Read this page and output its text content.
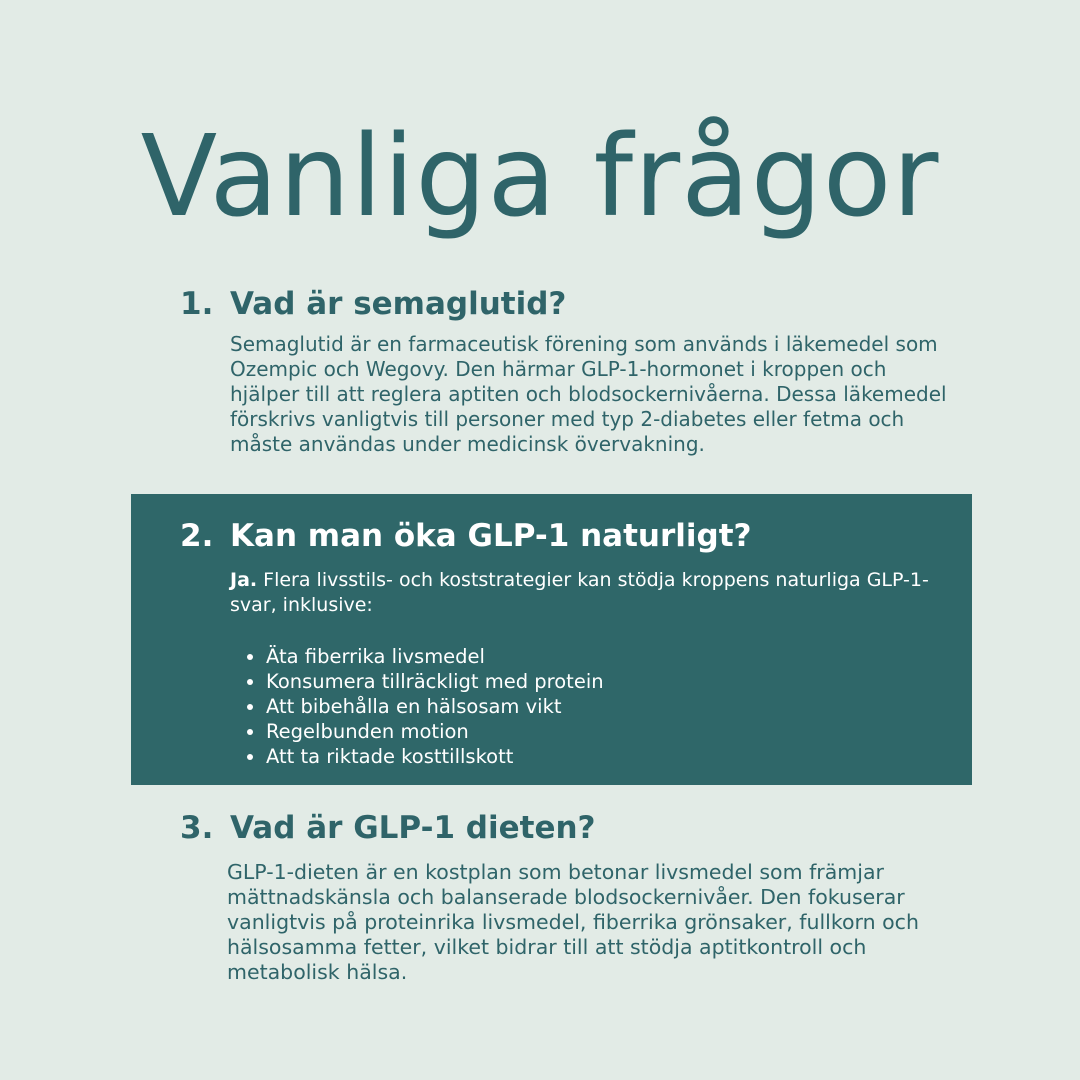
Vanliga frågor
1. Vad är semaglutid?
Semaglutid är en farmaceutisk förening som används i läkemedel som Ozempic och Wegovy. Den härmar GLP-1-hormonet i kroppen och hjälper till att reglera aptiten och blodsockernivåerna. Dessa läkemedel förskrivs vanligtvis till personer med typ 2-diabetes eller fetma och måste användas under medicinsk övervakning.
2. Kan man öka GLP-1 naturligt?
Ja. Flera livsstils- och koststrategier kan stödja kroppens naturliga GLP-1-svar, inklusive:
• Äta fiberrika livsmedel
• Konsumera tillräckligt med protein
• Att bibehålla en hälsosam vikt
• Regelbunden motion
• Att ta riktade kosttillskott
3. Vad är GLP-1 dieten?
GLP-1-dieten är en kostplan som betonar livsmedel som främjar mättnadskänsla och balanserade blodsockernivåer. Den fokuserar vanligtvis på proteinrika livsmedel, fiberrika grönsaker, fullkorn och hälsosamma fetter, vilket bidrar till att stödja aptitkontroll och metabolisk hälsa.
